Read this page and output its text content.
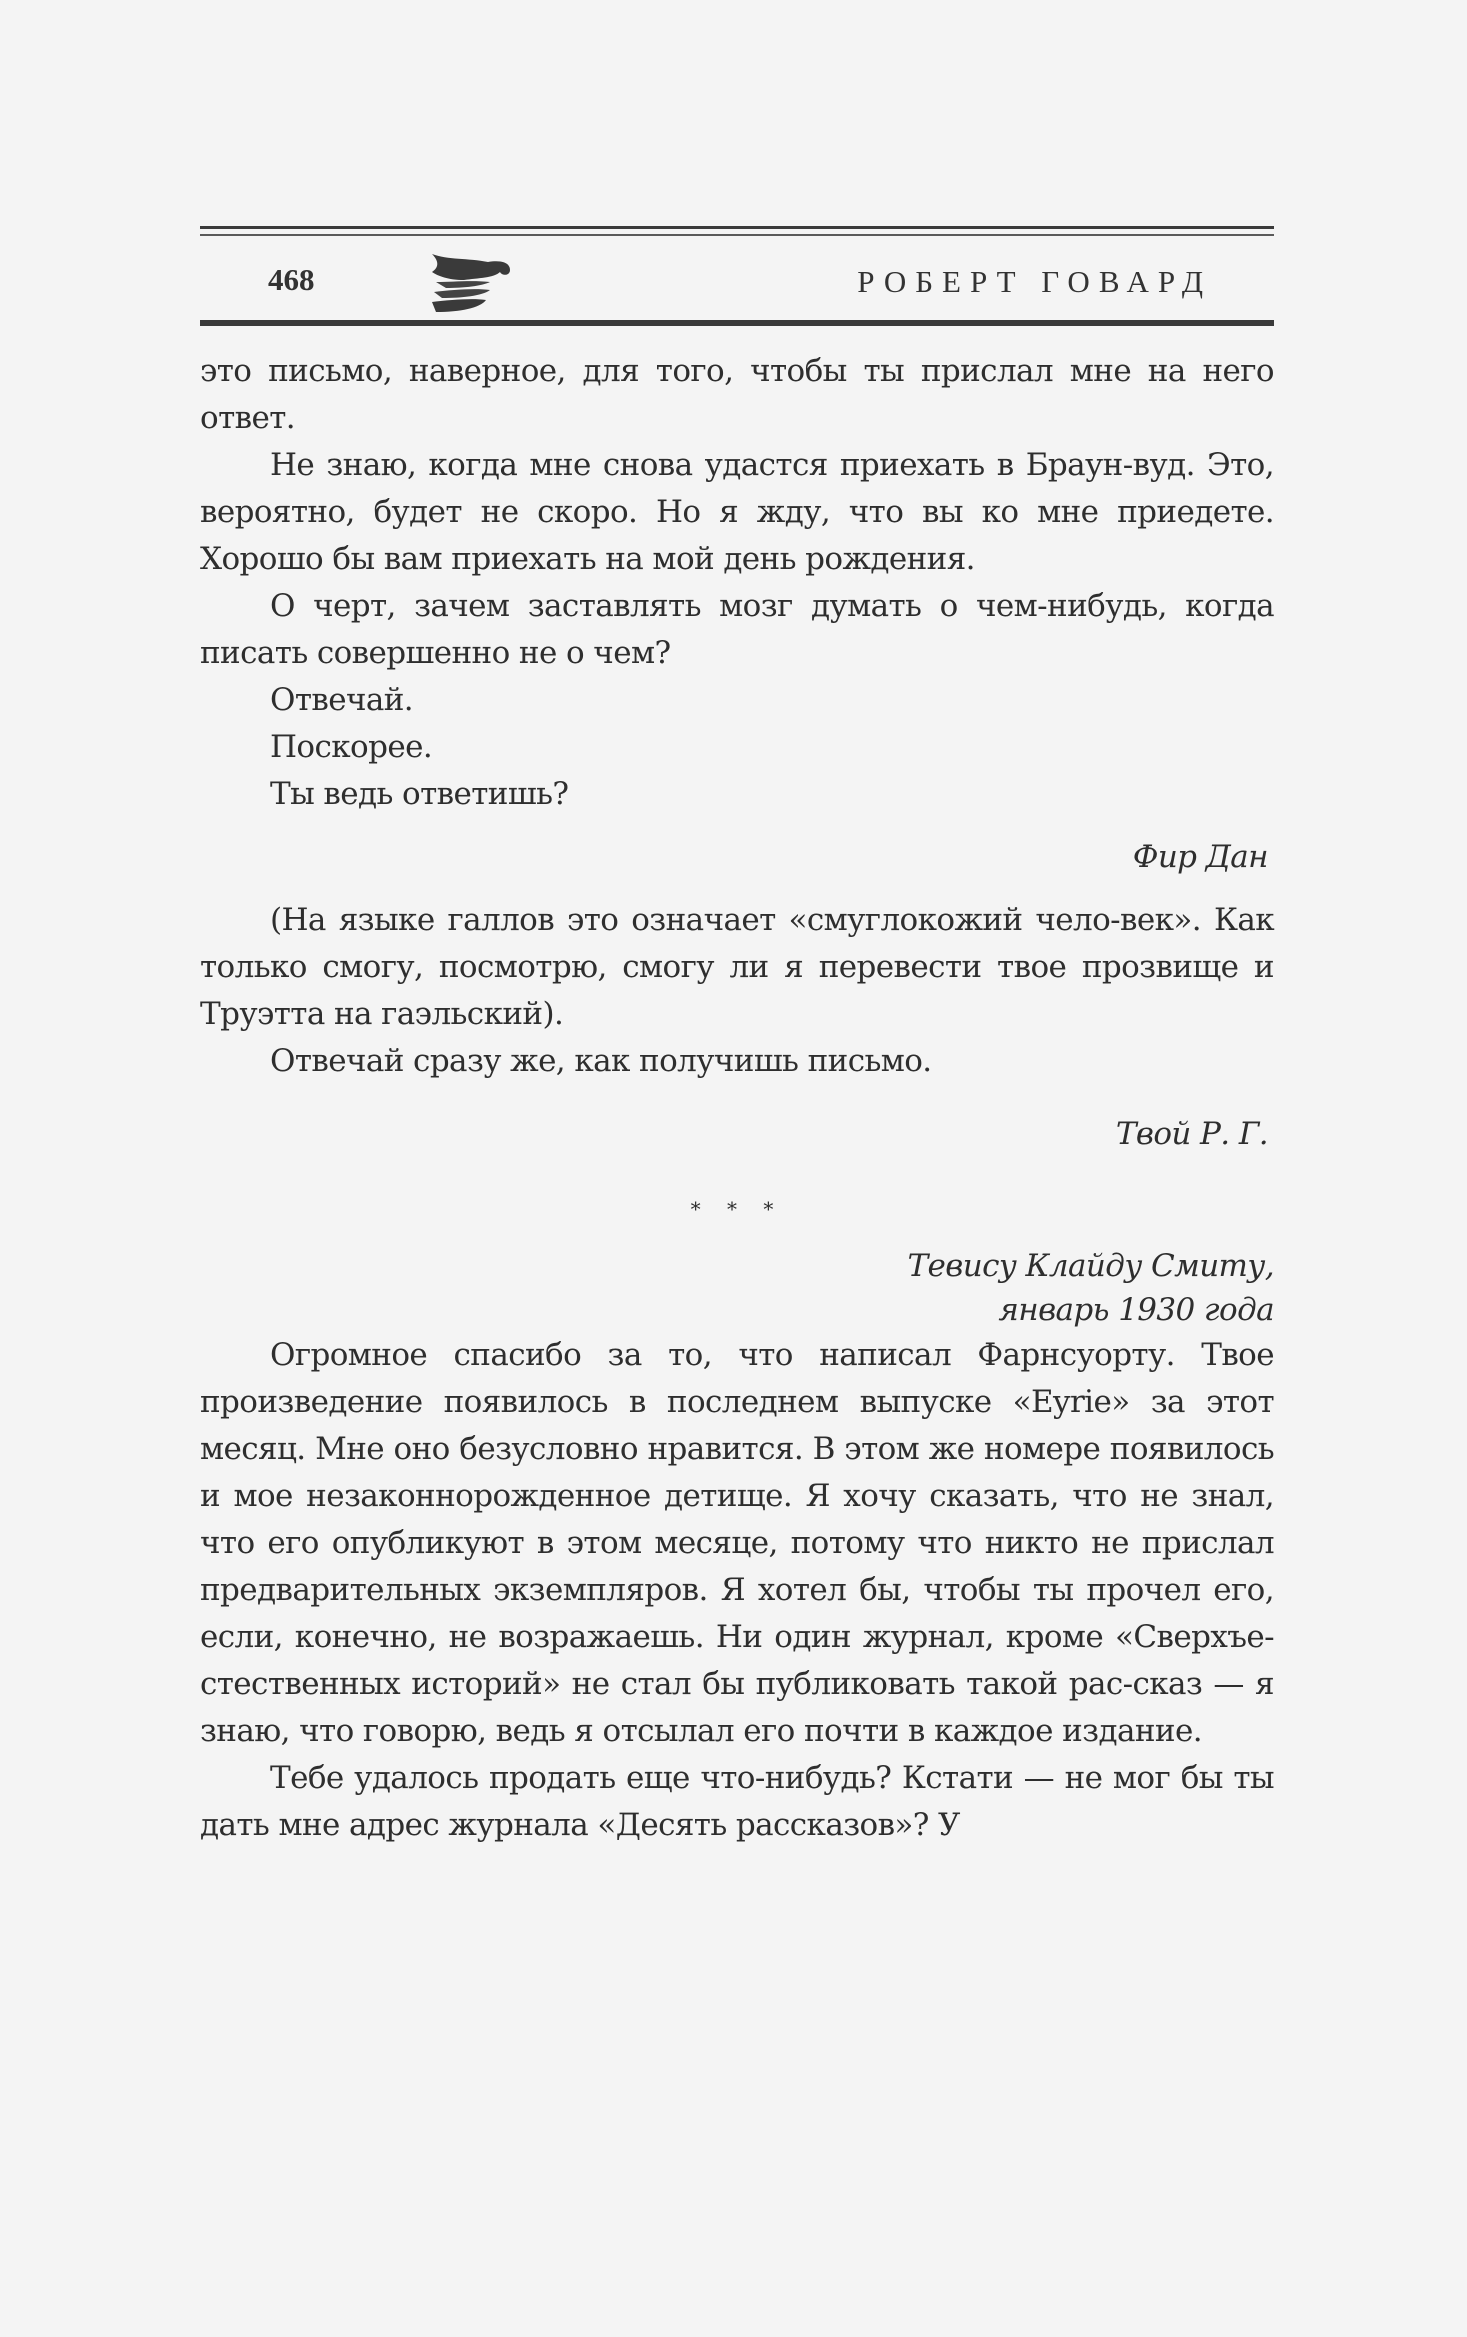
468	РОБЕРТ ГОВАРД

это письмо, наверное, для того, чтобы ты прислал мне на него ответ.

Не знаю, когда мне снова удастся приехать в Браун-вуд. Это, вероятно, будет не скоро. Но я жду, что вы ко мне приедете. Хорошо бы вам приехать на мой день рождения.

О черт, зачем заставлять мозг думать о чем-нибудь, когда писать совершенно не о чем?

Отвечай.

Поскорее.

Ты ведь ответишь?

Фир Дан

(На языке галлов это означает «смуглокожий чело-век». Как только смогу, посмотрю, смогу ли я перевести твое прозвище и Труэтта на гаэльский).

Отвечай сразу же, как получишь письмо.

Твой Р. Г.

* * *

Тевису Клайду Смиту,

январь 1930 года

Огромное спасибо за то, что написал Фарнсуорту. Твое произведение появилось в последнем выпуске «Eyrie» за этот месяц. Мне оно безусловно нравится. В этом же номере появилось и мое незаконнорожденное детище. Я хочу сказать, что не знал, что его опубликуют в этом месяце, потому что никто не прислал предварительных экземпляров. Я хотел бы, чтобы ты прочел его, если, конечно, не возражаешь. Ни один журнал, кроме «Сверхъе-стественных историй» не стал бы публиковать такой рас-сказ — я знаю, что говорю, ведь я отсылал его почти в каждое издание.

Тебе удалось продать еще что-нибудь? Кстати — не мог бы ты дать мне адрес журнала «Десять рассказов»? У
